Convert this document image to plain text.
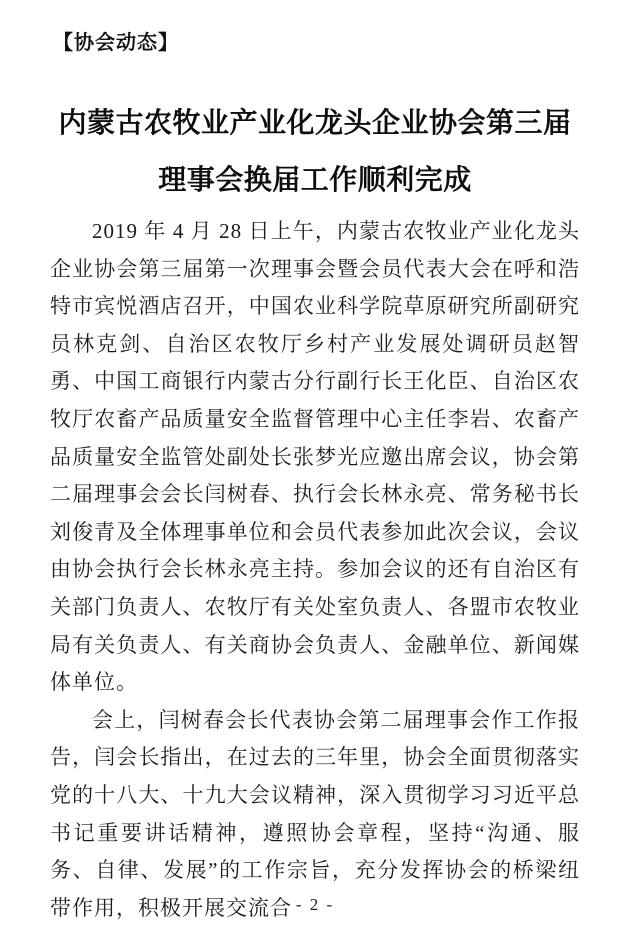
【协会动态】
内蒙古农牧业产业化龙头企业协会第三届
理事会换届工作顺利完成

2019 年 4 月 28 日上午，内蒙古农牧业产业化龙头企业协会第三届第一次理事会暨会员代表大会在呼和浩特市宾悦酒店召开，中国农业科学院草原研究所副研究员林克剑、自治区农牧厅乡村产业发展处调研员赵智勇、中国工商银行内蒙古分行副行长王化臣、自治区农牧厅农畜产品质量安全监督管理中心主任李岩、农畜产品质量安全监管处副处长张梦光应邀出席会议，协会第二届理事会会长闫树春、执行会长林永亮、常务秘书长刘俊青及全体理事单位和会员代表参加此次会议，会议由协会执行会长林永亮主持。参加会议的还有自治区有关部门负责人、农牧厅有关处室负责人、各盟市农牧业局有关负责人、有关商协会负责人、金融单位、新闻媒体单位。

会上，闫树春会长代表协会第二届理事会作工作报告，闫会长指出，在过去的三年里，协会全面贯彻落实党的十八大、十九大会议精神，深入贯彻学习习近平总书记重要讲话精神，遵照协会章程，坚持“沟通、服务、自律、发展”的工作宗旨，充分发挥协会的桥梁纽带作用，积极开展交流合 - 2 -
